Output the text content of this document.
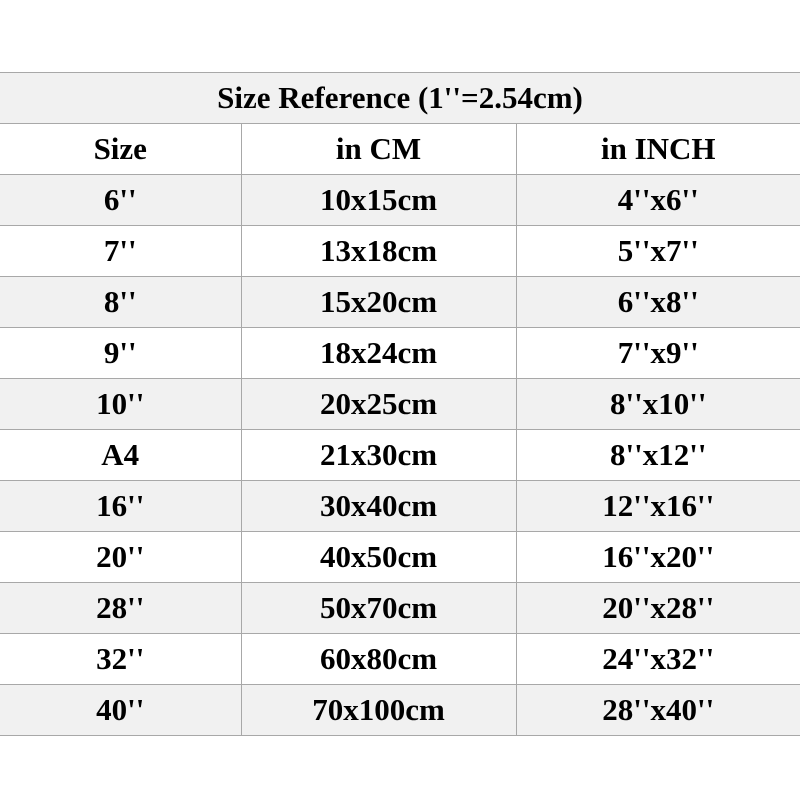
Size Reference (1''=2.54cm)		
Size	in CM	in INCH
6''	10x15cm	4''x6''
7''	13x18cm	5''x7''
8''	15x20cm	6''x8''
9''	18x24cm	7''x9''
10''	20x25cm	8''x10''
A4	21x30cm	8''x12''
16''	30x40cm	12''x16''
20''	40x50cm	16''x20''
28''	50x70cm	20''x28''
32''	60x80cm	24''x32''
40''	70x100cm	28''x40''
